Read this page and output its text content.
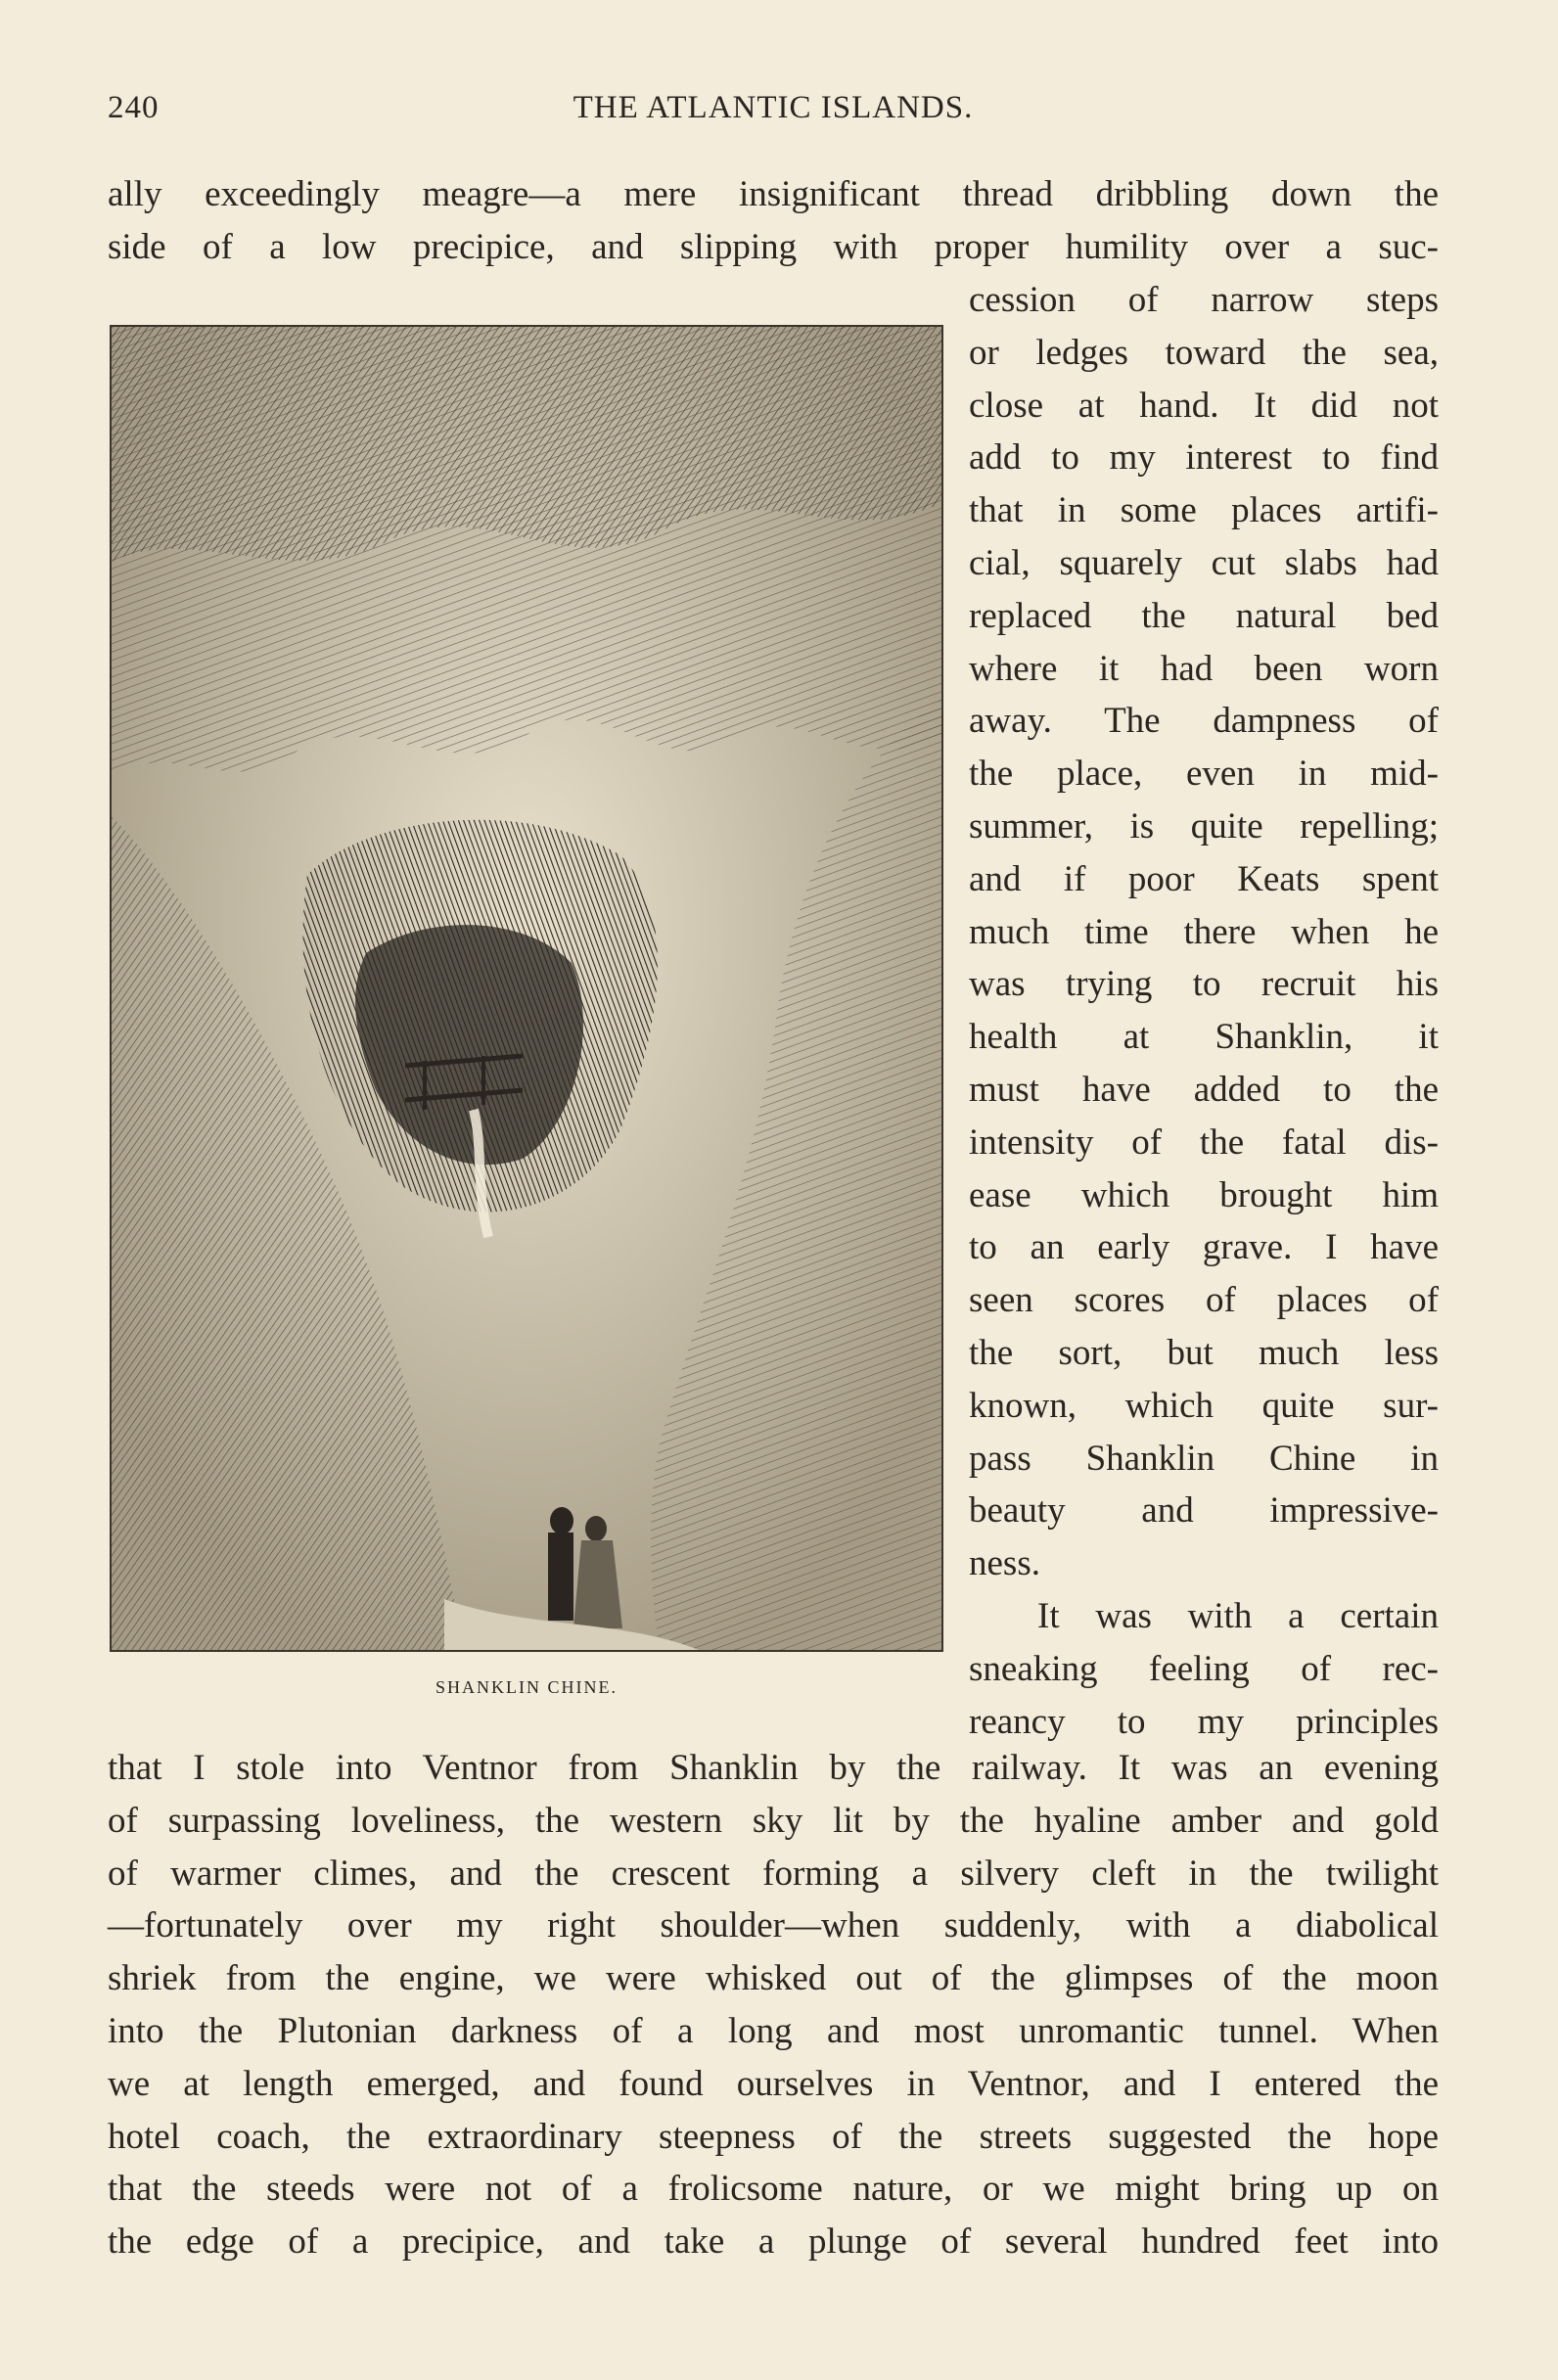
240	THE ATLANTIC ISLANDS.
ally exceedingly meagre—a mere insignificant thread dribbling down the
side of a low precipice, and slipping with proper humility over a suc-
cession of narrow steps
or ledges toward the sea,
close at hand. It did not
add to my interest to find
that in some places artifi-
cial, squarely cut slabs had
replaced the natural bed
where it had been worn
away. The dampness of
the place, even in mid-
summer, is quite repelling;
and if poor Keats spent
much time there when he
was trying to recruit his
health at Shanklin, it
must have added to the
intensity of the fatal dis-
ease which brought him
to an early grave. I have
seen scores of places of
the sort, but much less
known, which quite sur-
pass Shanklin Chine in
beauty and impressive-
ness.
It was with a certain
sneaking feeling of rec-
reancy to my principles
that I stole into Ventnor from Shanklin by the railway. It was an evening
of surpassing loveliness, the western sky lit by the hyaline amber and gold
of warmer climes, and the crescent forming a silvery cleft in the twilight
—fortunately over my right shoulder—when suddenly, with a diabolical
shriek from the engine, we were whisked out of the glimpses of the moon
into the Plutonian darkness of a long and most unromantic tunnel. When
we at length emerged, and found ourselves in Ventnor, and I entered the
hotel coach, the extraordinary steepness of the streets suggested the hope
that the steeds were not of a frolicsome nature, or we might bring up on
the edge of a precipice, and take a plunge of several hundred feet into
SHANKLIN CHINE.
